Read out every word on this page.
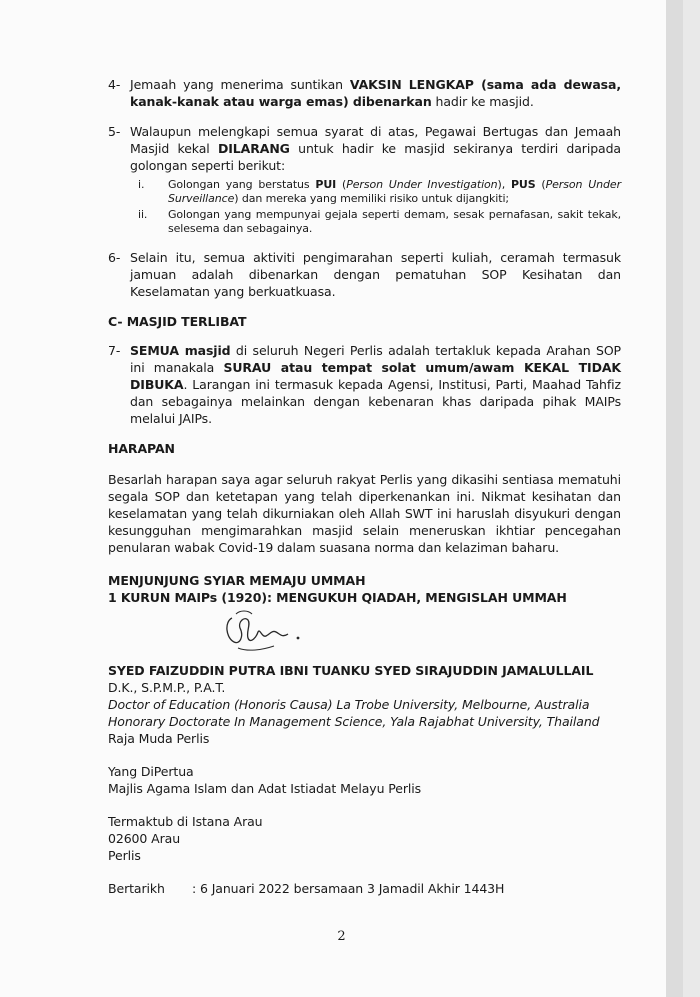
4- Jemaah yang menerima suntikan VAKSIN LENGKAP (sama ada dewasa, kanak-kanak atau warga emas) dibenarkan hadir ke masjid.
5- Walaupun melengkapi semua syarat di atas, Pegawai Bertugas dan Jemaah Masjid kekal DILARANG untuk hadir ke masjid sekiranya terdiri daripada golongan seperti berikut:
i.	Golongan yang berstatus PUI (Person Under Investigation), PUS (Person Under Surveillance) dan mereka yang memiliki risiko untuk dijangkiti;
ii.	Golongan yang mempunyai gejala seperti demam, sesak pernafasan, sakit tekak, selesema dan sebagainya.
6- Selain itu, semua aktiviti pengimarahan seperti kuliah, ceramah termasuk jamuan adalah dibenarkan dengan pematuhan SOP Kesihatan dan Keselamatan yang berkuatkuasa.
C- MASJID TERLIBAT
7- SEMUA masjid di seluruh Negeri Perlis adalah tertakluk kepada Arahan SOP ini manakala SURAU atau tempat solat umum/awam KEKAL TIDAK DIBUKA. Larangan ini termasuk kepada Agensi, Institusi, Parti, Maahad Tahfiz dan sebagainya melainkan dengan kebenaran khas daripada pihak MAIPs melalui JAIPs.
HARAPAN
Besarlah harapan saya agar seluruh rakyat Perlis yang dikasihi sentiasa mematuhi segala SOP dan ketetapan yang telah diperkenankan ini. Nikmat kesihatan dan keselamatan yang telah dikurniakan oleh Allah SWT ini haruslah disyukuri dengan kesungguhan mengimarahkan masjid selain meneruskan ikhtiar pencegahan penularan wabak Covid-19 dalam suasana norma dan kelaziman baharu.
MENJUNJUNG SYIAR MEMAJU UMMAH
1 KURUN MAIPs (1920): MENGUKUH QIADAH, MENGISLAH UMMAH
SYED FAIZUDDIN PUTRA IBNI TUANKU SYED SIRAJUDDIN JAMALULLAIL
D.K., S.P.M.P., P.A.T.
Doctor of Education (Honoris Causa) La Trobe University, Melbourne, Australia
Honorary Doctorate In Management Science, Yala Rajabhat University, Thailand
Raja Muda Perlis
Yang DiPertua
Majlis Agama Islam dan Adat Istiadat Melayu Perlis
Termaktub di Istana Arau
02600 Arau
Perlis
Bertarikh	: 6 Januari 2022 bersamaan 3 Jamadil Akhir 1443H
2
